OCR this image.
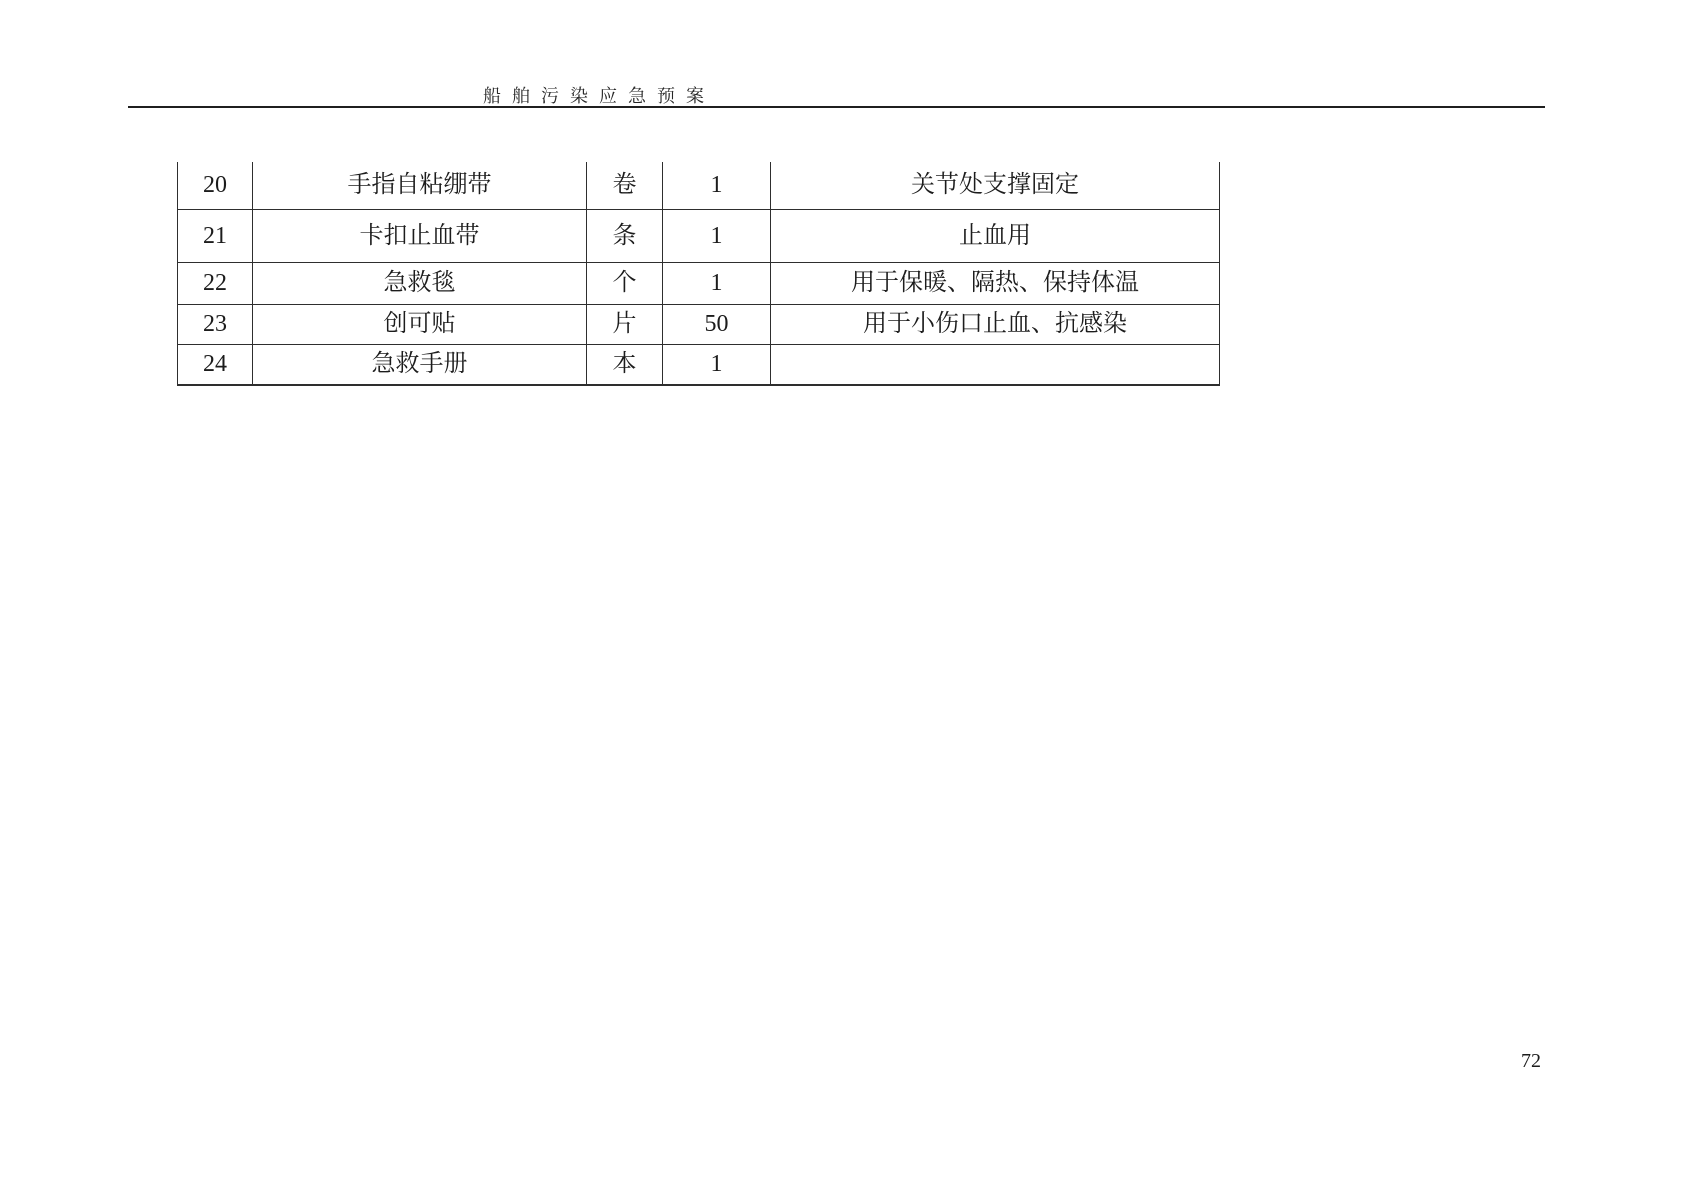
船舶污染应急预案
20	手指自粘绷带	卷	1	关节处支撑固定
21	卡扣止血带	条	1	止血用
22	急救毯	个	1	用于保暖、隔热、保持体温
23	创可贴	片	50	用于小伤口止血、抗感染
24	急救手册	本	1
72
